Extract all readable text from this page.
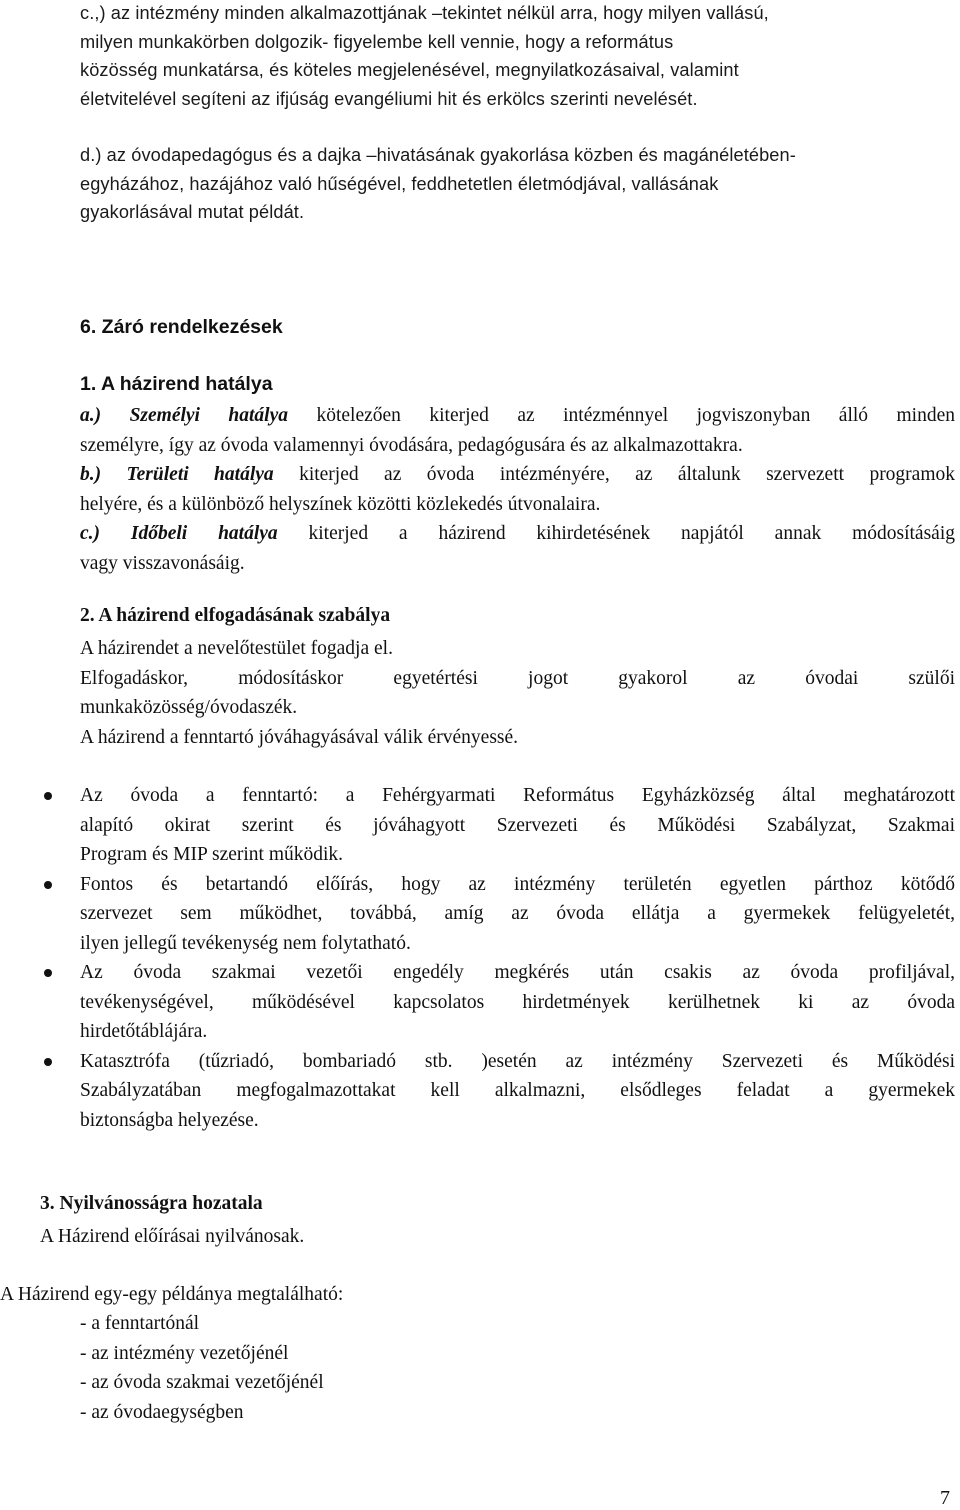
c.,) az intézmény minden alkalmazottjának –tekintet nélkül arra, hogy milyen vallású,
milyen munkakörben dolgozik- figyelembe kell vennie, hogy a református
közösség munkatársa, és köteles megjelenésével, megnyilatkozásaival, valamint
életvitelével segíteni az ifjúság evangéliumi hit és erkölcs szerinti nevelését.
d.) az óvodapedagógus és a dajka –hivatásának gyakorlása közben és magánéletében-
egyházához, hazájához való hűségével, feddhetetlen életmódjával, vallásának
gyakorlásával mutat példát.
6. Záró rendelkezések
1. A házirend hatálya
a.) Személyi hatálya kötelezően kiterjed az intézménnyel jogviszonyban álló minden
személyre, így az óvoda valamennyi óvodására, pedagógusára és az alkalmazottakra.
b.) Területi hatálya kiterjed az óvoda intézményére, az általunk szervezett programok
helyére, és a különböző helyszínek közötti közlekedés útvonalaira.
c.) Időbeli hatálya kiterjed a házirend kihirdetésének napjától annak módosításáig
vagy visszavonásáig.
2. A házirend elfogadásának szabálya
A házirendet a nevelőtestület fogadja el.
Elfogadáskor, módosításkor egyetértési jogot gyakorol az óvodai szülői
munkaközösség/óvodaszék.
A házirend a fenntartó jóváhagyásával válik érvényessé.
Az óvoda a fenntartó: a Fehérgyarmati Református Egyházközség által meghatározott
alapító okirat szerint és jóváhagyott Szervezeti és Működési Szabályzat, Szakmai
Program és MIP szerint működik.
Fontos és betartandó előírás, hogy az intézmény területén egyetlen párthoz kötődő
szervezet sem működhet, továbbá, amíg az óvoda ellátja a gyermekek felügyeletét,
ilyen jellegű tevékenység nem folytatható.
Az óvoda szakmai vezetői engedély megkérés után csakis az óvoda profiljával,
tevékenységével, működésével kapcsolatos hirdetmények kerülhetnek ki az óvoda
hirdetőtáblájára.
Katasztrófa (tűzriadó, bombariadó stb. )esetén az intézmény Szervezeti és Működési
Szabályzatában megfogalmazottakat kell alkalmazni, elsődleges feladat a gyermekek
biztonságba helyezése.
3. Nyilvánosságra hozatala
A Házirend előírásai nyilvánosak.
A Házirend egy-egy példánya megtalálható:
- a fenntartónál
- az intézmény vezetőjénél
- az óvoda szakmai vezetőjénél
- az óvodaegységben
7
